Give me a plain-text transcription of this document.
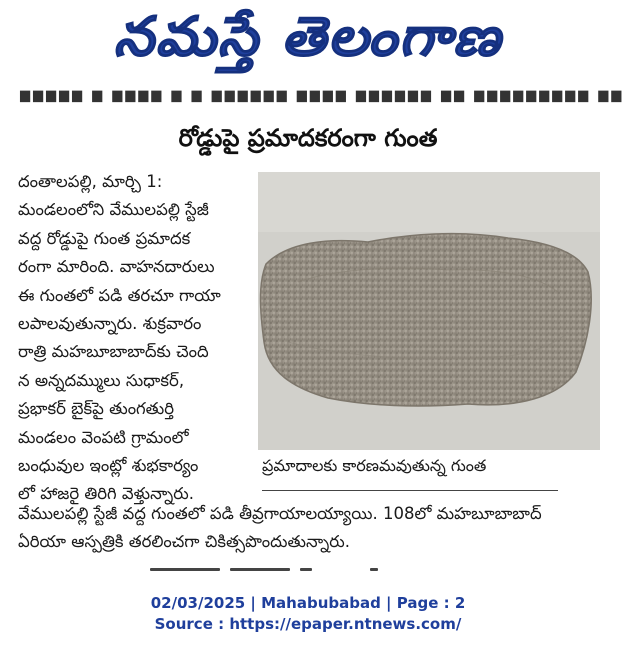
నమస్తే తెలంగాణ
▆▆▆▆▆ ▆ ▆▆▆▆ ▆ ▆ ▆▆▆▆▆▆ ▆▆▆▆ ▆▆▆▆▆▆ ▆▆ ▆▆▆▆▆▆▆▆▆ ▆▆
రోడ్డుపై ప్రమాదకరంగా గుంత
దంతాలపల్లి, మార్చి 1:
మండలంలోని వేములపల్లి స్టేజీ
వద్ద రోడ్డుపై గుంత ప్రమాదక
రంగా మారింది. వాహనదారులు
ఈ గుంతలో పడి తరచూ గాయా
లపాలవుతున్నారు. శుక్రవారం
రాత్రి మహబూబాబాద్‌కు చెంది
న అన్నదమ్ములు సుధాకర్,
ప్రభాకర్ బైక్‌పై తుంగతుర్తి
మండలం వెంపటి గ్రామంలో
బంధువుల ఇంట్లో శుభకార్యం
లో హాజరై తిరిగి వెళ్తున్నారు.
ప్రమాదాలకు కారణమవుతున్న గుంత
వేములపల్లి స్టేజీ వద్ద గుంతలో పడి తీవ్రగాయాలయ్యాయి. 108లో మహబూబాబాద్
ఏరియా ఆస్పత్రికి తరలించగా చికిత్సపొందుతున్నారు.
02/03/2025 | Mahabubabad | Page : 2
Source : https://epaper.ntnews.com/
